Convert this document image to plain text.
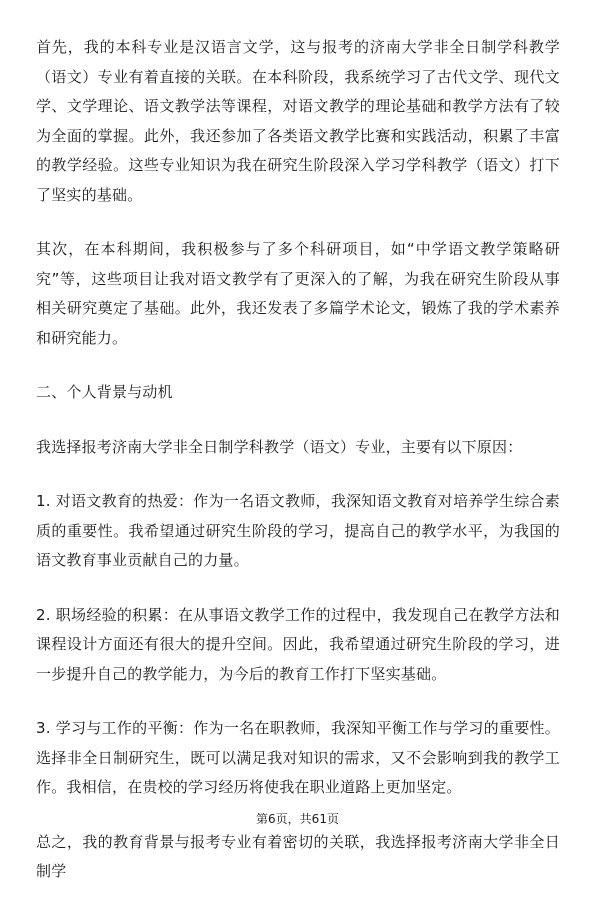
首先，我的本科专业是汉语言文学，这与报考的济南大学非全日制学科教学（语文）专业有着直接的关联。在本科阶段，我系统学习了古代文学、现代文学、文学理论、语文教学法等课程，对语文教学的理论基础和教学方法有了较为全面的掌握。此外，我还参加了各类语文教学比赛和实践活动，积累了丰富的教学经验。这些专业知识为我在研究生阶段深入学习学科教学（语文）打下了坚实的基础。

其次，在本科期间，我积极参与了多个科研项目，如“中学语文教学策略研究”等，这些项目让我对语文教学有了更深入的了解，为我在研究生阶段从事相关研究奠定了基础。此外，我还发表了多篇学术论文，锻炼了我的学术素养和研究能力。

二、个人背景与动机

我选择报考济南大学非全日制学科教学（语文）专业，主要有以下原因：

1. 对语文教育的热爱：作为一名语文教师，我深知语文教育对培养学生综合素质的重要性。我希望通过研究生阶段的学习，提高自己的教学水平，为我国的语文教育事业贡献自己的力量。

2. 职场经验的积累：在从事语文教学工作的过程中，我发现自己在教学方法和课程设计方面还有很大的提升空间。因此，我希望通过研究生阶段的学习，进一步提升自己的教学能力，为今后的教育工作打下坚实基础。

3. 学习与工作的平衡：作为一名在职教师，我深知平衡工作与学习的重要性。选择非全日制研究生，既可以满足我对知识的需求，又不会影响到我的教学工作。我相信，在贵校的学习经历将使我在职业道路上更加坚定。

总之，我的教育背景与报考专业有着密切的关联，我选择报考济南大学非全日制学

第6页，共61页
